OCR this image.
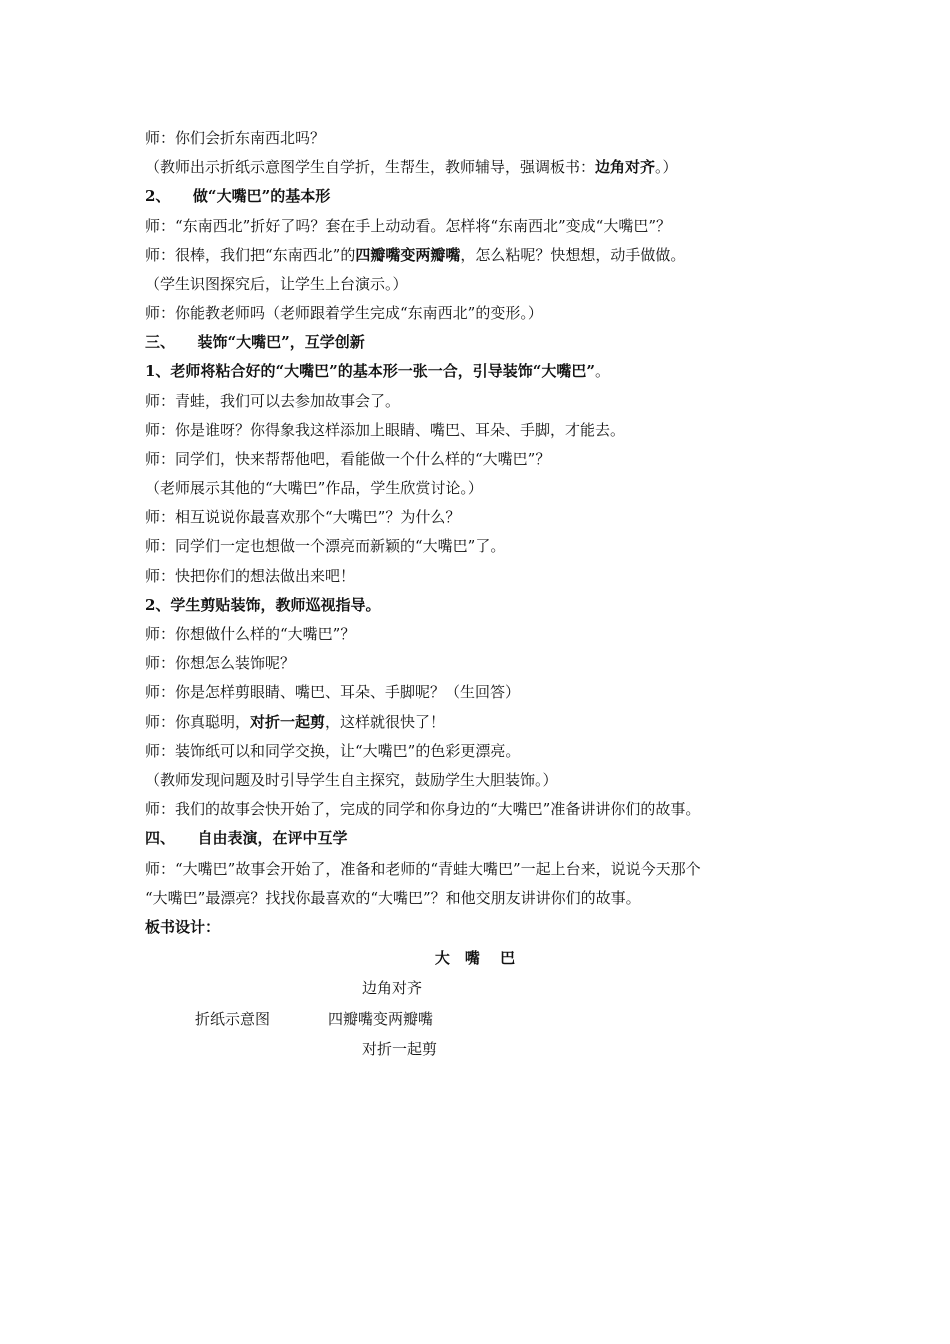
师：你们会折东南西北吗？
（教师出示折纸示意图学生自学折，生帮生，教师辅导，强调板书：边角对齐。）
2、　　做“大嘴巴”的基本形
师：“东南西北”折好了吗？套在手上动动看。怎样将“东南西北”变成“大嘴巴”？
师：很棒，我们把“东南西北”的四瓣嘴变两瓣嘴，怎么粘呢？快想想，动手做做。
（学生识图探究后，让学生上台演示。）
师：你能教老师吗（老师跟着学生完成“东南西北”的变形。）
三、　　装饰“大嘴巴”，互学创新
1、老师将粘合好的“大嘴巴”的基本形一张一合，引导装饰“大嘴巴”。
师：青蛙，我们可以去参加故事会了。
师：你是谁呀？你得象我这样添加上眼睛、嘴巴、耳朵、手脚，才能去。
师：同学们，快来帮帮他吧，看能做一个什么样的“大嘴巴”？
（老师展示其他的“大嘴巴”作品，学生欣赏讨论。）
师：相互说说你最喜欢那个“大嘴巴”？为什么？
师：同学们一定也想做一个漂亮而新颖的“大嘴巴”了。
师：快把你们的想法做出来吧！
2、学生剪贴装饰，教师巡视指导。
师：你想做什么样的“大嘴巴”？
师：你想怎么装饰呢？
师：你是怎样剪眼睛、嘴巴、耳朵、手脚呢？（生回答）
师：你真聪明，对折一起剪，这样就很快了！
师：装饰纸可以和同学交换，让“大嘴巴”的色彩更漂亮。
（教师发现问题及时引导学生自主探究，鼓励学生大胆装饰。）
师：我们的故事会快开始了，完成的同学和你身边的“大嘴巴”准备讲讲你们的故事。
四、　　自由表演，在评中互学
师：“大嘴巴”故事会开始了，准备和老师的“青蛙大嘴巴”一起上台来，说说今天那个
“大嘴巴”最漂亮？找找你最喜欢的“大嘴巴”？和他交朋友讲讲你们的故事。
板书设计：
大　嘴　 巴
折纸示意图
边角对齐
四瓣嘴变两瓣嘴
对折一起剪
